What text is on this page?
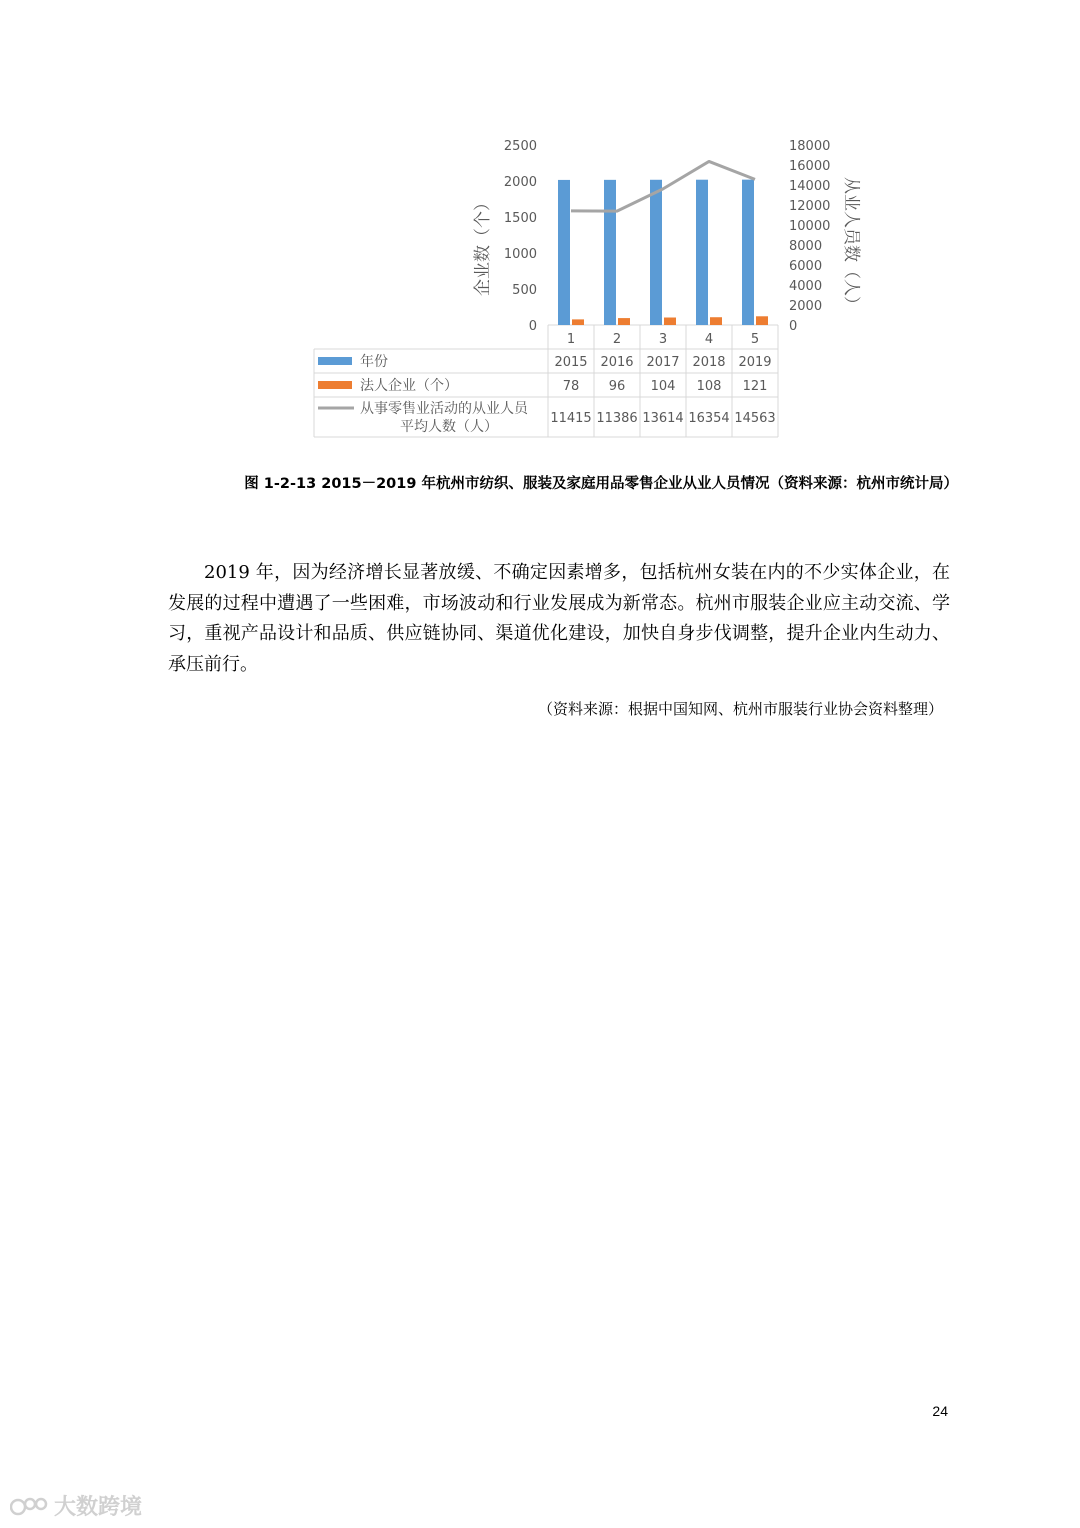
2500
2000
1500
1000
500
0
18000
16000
14000
12000
10000
8000
6000
4000
2000
0
1	2	3	4	5
年份	2015 2016 2017 2018 2019
法人企业（个）	78 96 104 108 121
从事零售业活动的从业人员
平均人数（人）
11415 11386 13614 16354 14563
企业数（个）	从业人员数（人）
图 1-2-13 2015－2019 年杭州市纺织、服装及家庭用品零售企业从业人员情况（资料来源：杭州市统计局）
2019 年，因为经济增长显著放缓、不确定因素增多，包括杭州女装在内的不少实体企业，在发展的过程中遭遇了一些困难，市场波动和行业发展成为新常态。杭州市服装企业应主动交流、学习，重视产品设计和品质、供应链协同、渠道优化建设，加快自身步伐调整，提升企业内生动力、承压前行。
（资料来源：根据中国知网、杭州市服装行业协会资料整理）
24
大数跨境
